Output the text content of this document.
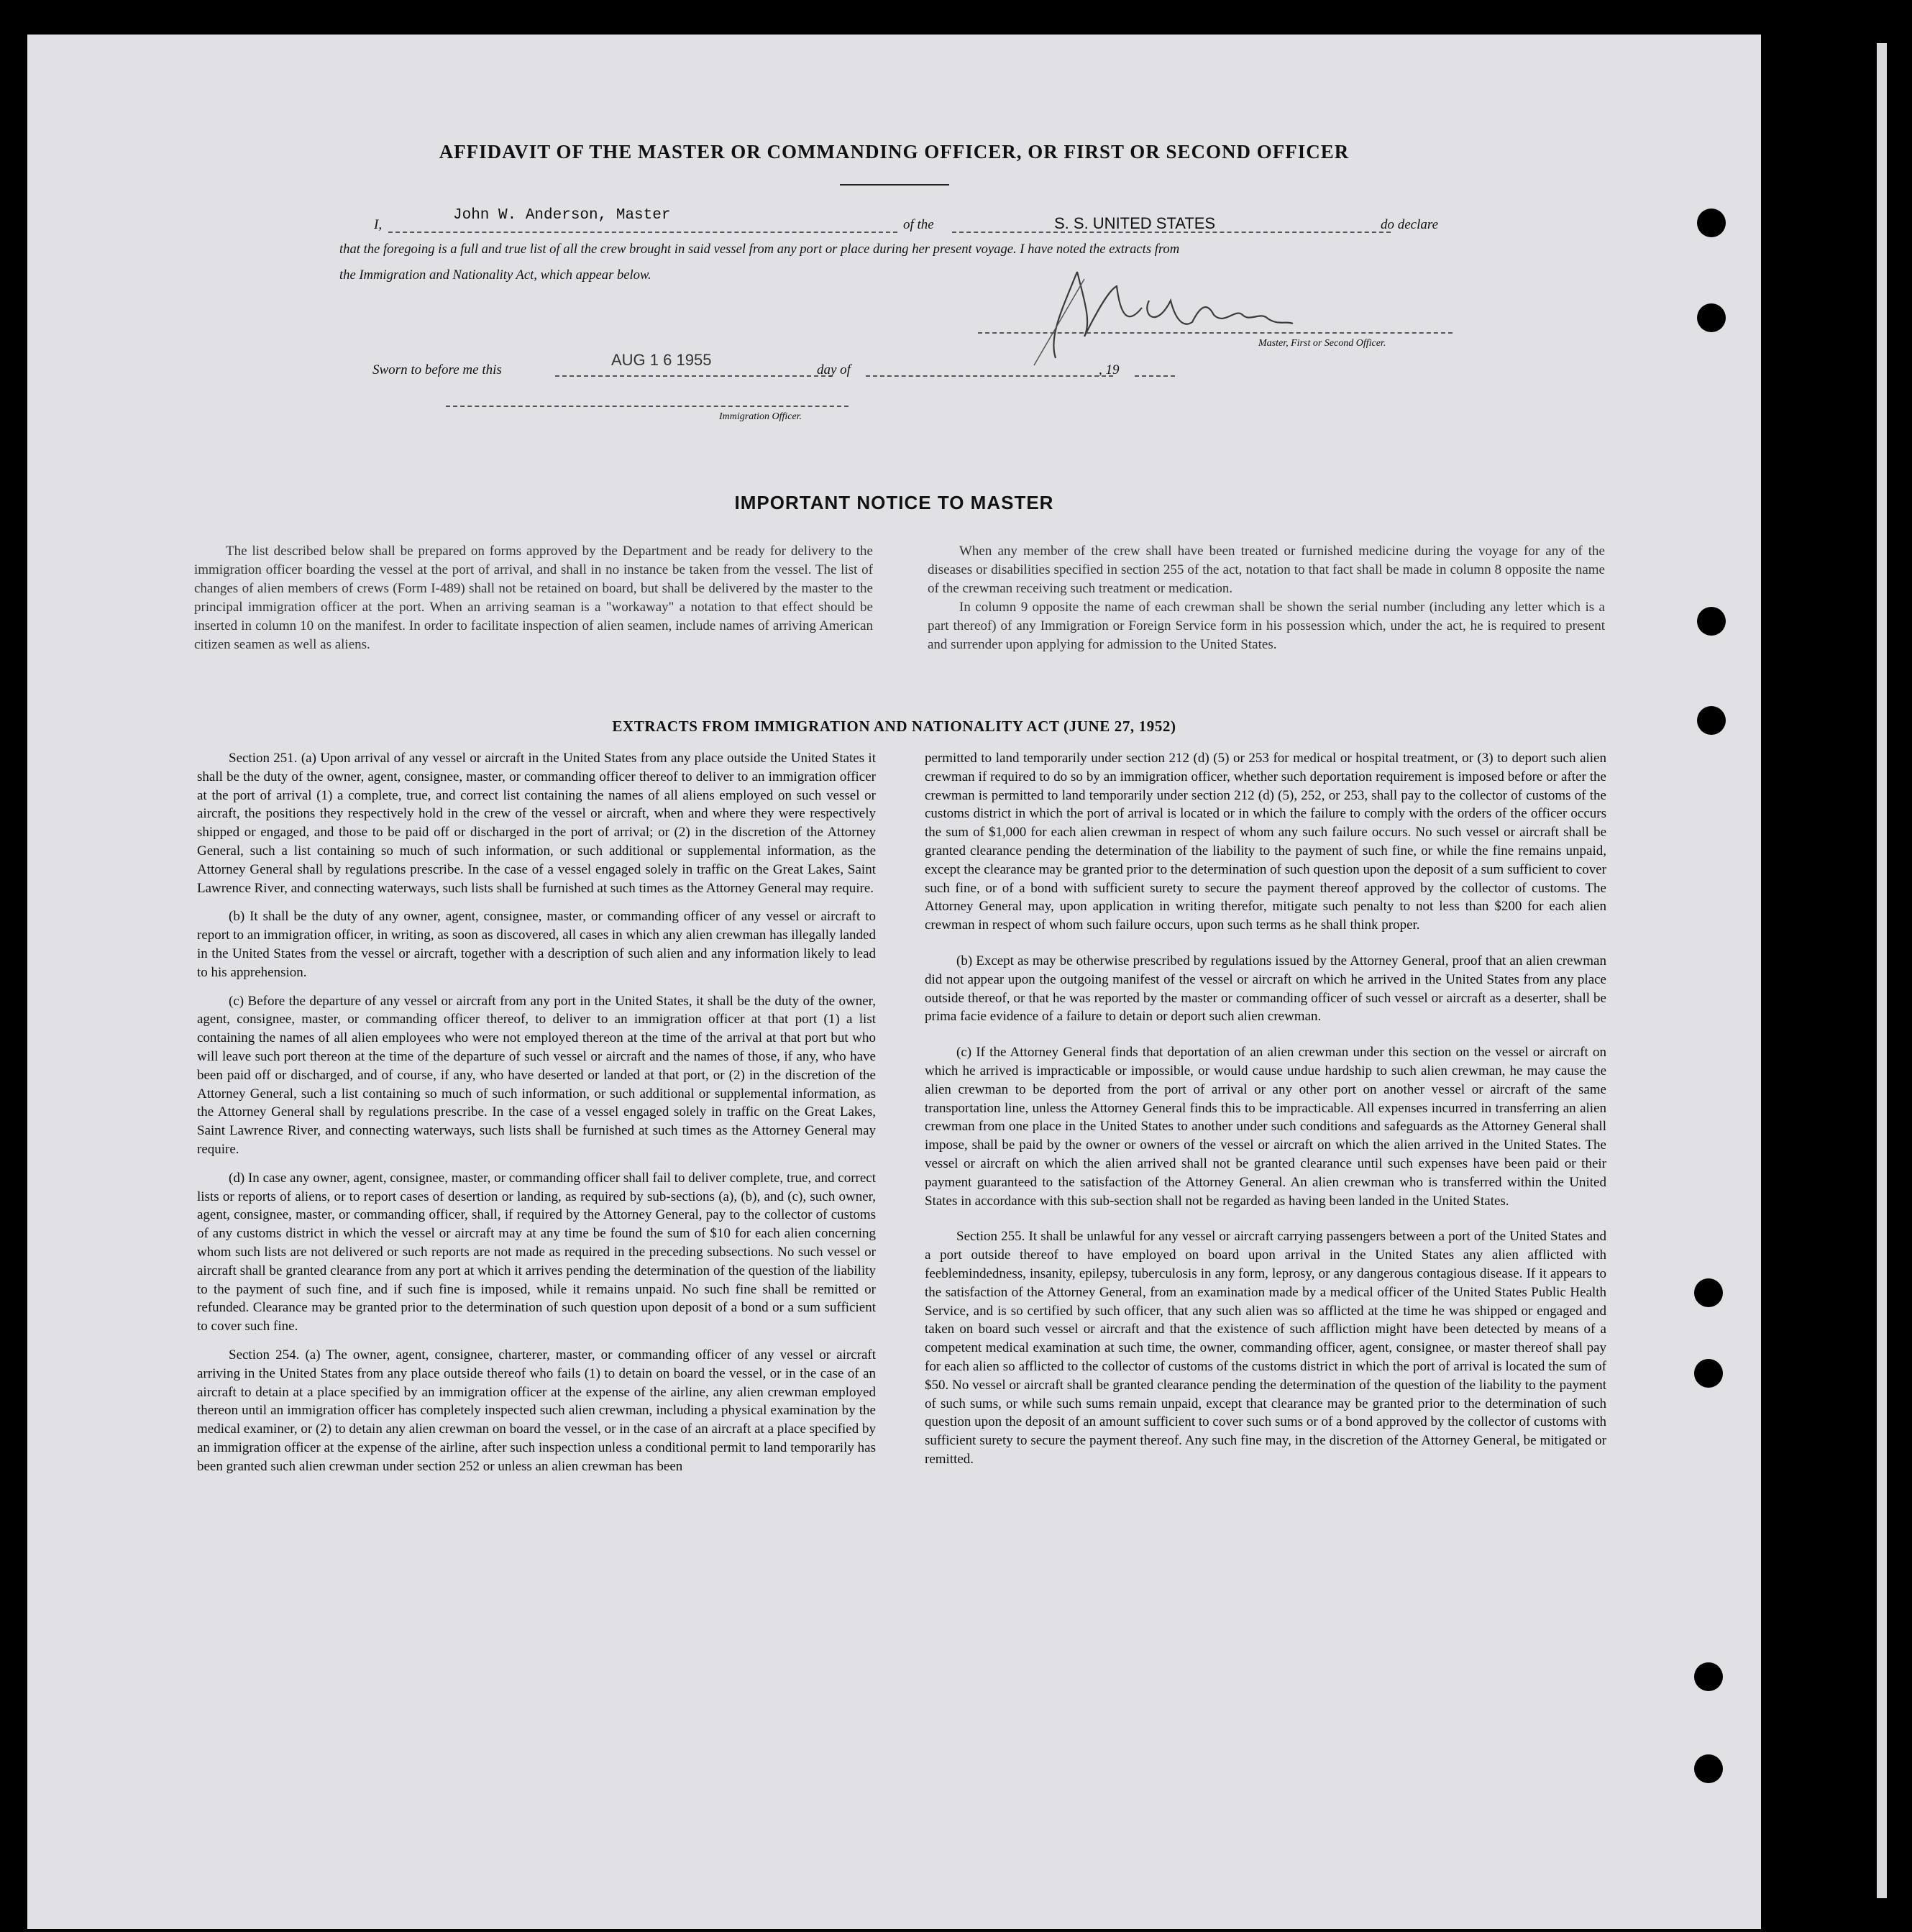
AFFIDAVIT OF THE MASTER OR COMMANDING OFFICER, OR FIRST OR SECOND OFFICER
I,
John W. Anderson, Master
of the	S. S. UNITED STATES	do declare
that the foregoing is a full and true list of all the crew brought in said vessel from any port or place during her present voyage. I have noted the extracts from
the Immigration and Nationality Act, which appear below.
Master, First or Second Officer.
Sworn to before me this
AUG 1 6 1955
day of	, 19
Immigration Officer.
IMPORTANT NOTICE TO MASTER

The list described below shall be prepared on forms approved by the Department and be ready for delivery to the immigration officer boarding the vessel at the port of arrival, and shall in no instance be taken from the vessel. The list of changes of alien members of crews (Form I-489) shall not be retained on board, but shall be delivered by the master to the principal immigration officer at the port. When an arriving seaman is a "workaway" a notation to that effect should be inserted in column 10 on the manifest. In order to facilitate inspection of alien seamen, include names of arriving American citizen seamen as well as aliens.

When any member of the crew shall have been treated or furnished medicine during the voyage for any of the diseases or disabilities specified in section 255 of the act, notation to that fact shall be made in column 8 opposite the name of the crewman receiving such treatment or medication.

In column 9 opposite the name of each crewman shall be shown the serial number (including any letter which is a part thereof) of any Immigration or Foreign Service form in his possession which, under the act, he is required to present and surrender upon applying for admission to the United States.

EXTRACTS FROM IMMIGRATION AND NATIONALITY ACT (JUNE 27, 1952)

Section 251. (a) Upon arrival of any vessel or aircraft in the United States from any place outside the United States it shall be the duty of the owner, agent, consignee, master, or commanding officer thereof to deliver to an immigration officer at the port of arrival (1) a complete, true, and correct list containing the names of all aliens employed on such vessel or aircraft, the positions they respectively hold in the crew of the vessel or aircraft, when and where they were respectively shipped or engaged, and those to be paid off or discharged in the port of arrival; or (2) in the discretion of the Attorney General, such a list containing so much of such information, or such additional or supplemental information, as the Attorney General shall by regulations prescribe. In the case of a vessel engaged solely in traffic on the Great Lakes, Saint Lawrence River, and connecting waterways, such lists shall be furnished at such times as the Attorney General may require.

(b) It shall be the duty of any owner, agent, consignee, master, or commanding officer of any vessel or aircraft to report to an immigration officer, in writing, as soon as discovered, all cases in which any alien crewman has illegally landed in the United States from the vessel or aircraft, together with a description of such alien and any information likely to lead to his apprehension.

(c) Before the departure of any vessel or aircraft from any port in the United States, it shall be the duty of the owner, agent, consignee, master, or commanding officer thereof, to deliver to an immigration officer at that port (1) a list containing the names of all alien employees who were not employed thereon at the time of the arrival at that port but who will leave such port thereon at the time of the departure of such vessel or aircraft and the names of those, if any, who have been paid off or discharged, and of course, if any, who have deserted or landed at that port, or (2) in the discretion of the Attorney General, such a list containing so much of such information, or such additional or supplemental information, as the Attorney General shall by regulations prescribe. In the case of a vessel engaged solely in traffic on the Great Lakes, Saint Lawrence River, and connecting waterways, such lists shall be furnished at such times as the Attorney General may require.

(d) In case any owner, agent, consignee, master, or commanding officer shall fail to deliver complete, true, and correct lists or reports of aliens, or to report cases of desertion or landing, as required by sub-sections (a), (b), and (c), such owner, agent, consignee, master, or commanding officer, shall, if required by the Attorney General, pay to the collector of customs of any customs district in which the vessel or aircraft may at any time be found the sum of $10 for each alien concerning whom such lists are not delivered or such reports are not made as required in the preceding subsections. No such vessel or aircraft shall be granted clearance from any port at which it arrives pending the determination of the question of the liability to the payment of such fine, and if such fine is imposed, while it remains unpaid. No such fine shall be remitted or refunded. Clearance may be granted prior to the determination of such question upon deposit of a bond or a sum sufficient to cover such fine.

Section 254. (a) The owner, agent, consignee, charterer, master, or commanding officer of any vessel or aircraft arriving in the United States from any place outside thereof who fails (1) to detain on board the vessel, or in the case of an aircraft to detain at a place specified by an immigration officer at the expense of the airline, any alien crewman employed thereon until an immigration officer has completely inspected such alien crewman, including a physical examination by the medical examiner, or (2) to detain any alien crewman on board the vessel, or in the case of an aircraft at a place specified by an immigration officer at the expense of the airline, after such inspection unless a conditional permit to land temporarily has been granted such alien crewman under section 252 or unless an alien crewman has been

permitted to land temporarily under section 212 (d) (5) or 253 for medical or hospital treatment, or (3) to deport such alien crewman if required to do so by an immigration officer, whether such deportation requirement is imposed before or after the crewman is permitted to land temporarily under section 212 (d) (5), 252, or 253, shall pay to the collector of customs of the customs district in which the port of arrival is located or in which the failure to comply with the orders of the officer occurs the sum of $1,000 for each alien crewman in respect of whom any such failure occurs. No such vessel or aircraft shall be granted clearance pending the determination of the liability to the payment of such fine, or while the fine remains unpaid, except the clearance may be granted prior to the determination of such question upon the deposit of a sum sufficient to cover such fine, or of a bond with sufficient surety to secure the payment thereof approved by the collector of customs. The Attorney General may, upon application in writing therefor, mitigate such penalty to not less than $200 for each alien crewman in respect of whom such failure occurs, upon such terms as he shall think proper.

(b) Except as may be otherwise prescribed by regulations issued by the Attorney General, proof that an alien crewman did not appear upon the outgoing manifest of the vessel or aircraft on which he arrived in the United States from any place outside thereof, or that he was reported by the master or commanding officer of such vessel or aircraft as a deserter, shall be prima facie evidence of a failure to detain or deport such alien crewman.

(c) If the Attorney General finds that deportation of an alien crewman under this section on the vessel or aircraft on which he arrived is impracticable or impossible, or would cause undue hardship to such alien crewman, he may cause the alien crewman to be deported from the port of arrival or any other port on another vessel or aircraft of the same transportation line, unless the Attorney General finds this to be impracticable. All expenses incurred in transferring an alien crewman from one place in the United States to another under such conditions and safeguards as the Attorney General shall impose, shall be paid by the owner or owners of the vessel or aircraft on which the alien arrived in the United States. The vessel or aircraft on which the alien arrived shall not be granted clearance until such expenses have been paid or their payment guaranteed to the satisfaction of the Attorney General. An alien crewman who is transferred within the United States in accordance with this sub-section shall not be regarded as having been landed in the United States.

Section 255. It shall be unlawful for any vessel or aircraft carrying passengers between a port of the United States and a port outside thereof to have employed on board upon arrival in the United States any alien afflicted with feeblemindedness, insanity, epilepsy, tuberculosis in any form, leprosy, or any dangerous contagious disease. If it appears to the satisfaction of the Attorney General, from an examination made by a medical officer of the United States Public Health Service, and is so certified by such officer, that any such alien was so afflicted at the time he was shipped or engaged and taken on board such vessel or aircraft and that the existence of such affliction might have been detected by means of a competent medical examination at such time, the owner, commanding officer, agent, consignee, or master thereof shall pay for each alien so afflicted to the collector of customs of the customs district in which the port of arrival is located the sum of $50. No vessel or aircraft shall be granted clearance pending the determination of the question of the liability to the payment of such sums, or while such sums remain unpaid, except that clearance may be granted prior to the determination of such question upon the deposit of an amount sufficient to cover such sums or of a bond approved by the collector of customs with sufficient surety to secure the payment thereof. Any such fine may, in the discretion of the Attorney General, be mitigated or remitted.
